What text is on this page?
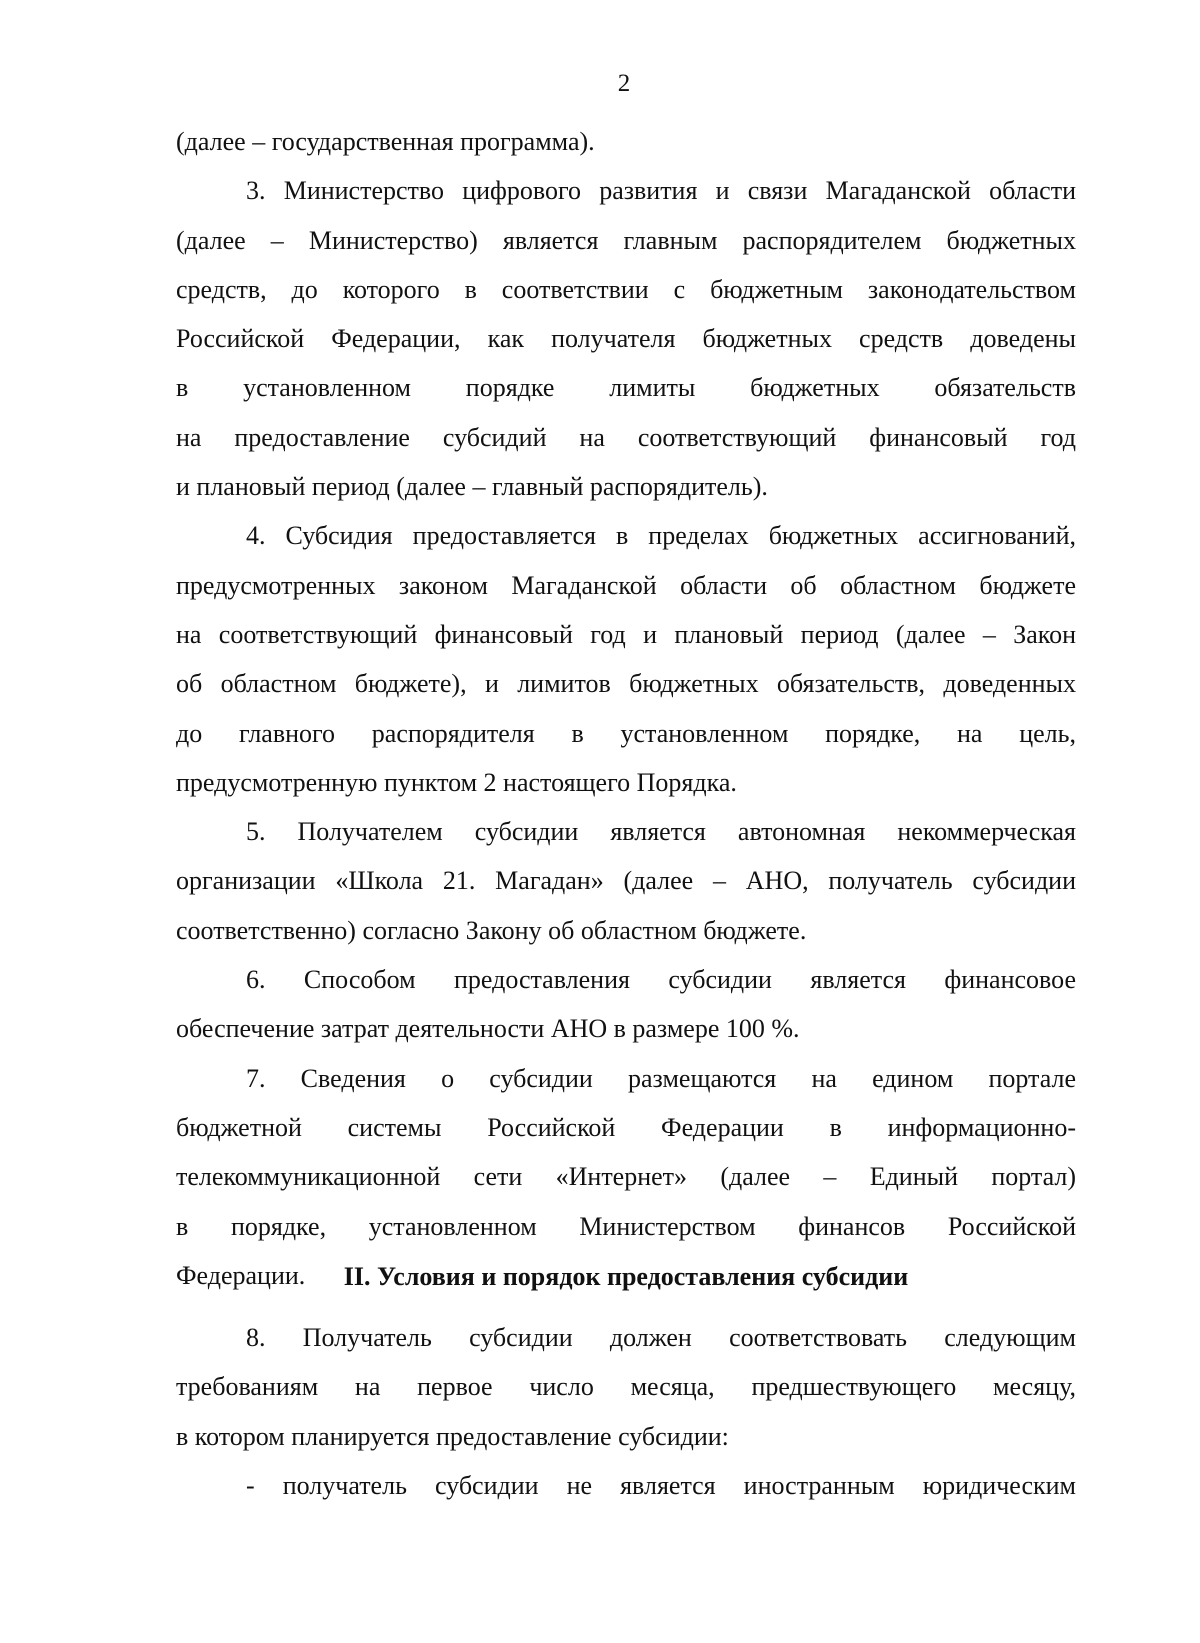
2
(далее – государственная программа).
3. Министерство цифрового развития и связи Магаданской области
(далее – Министерство) является главным распорядителем бюджетных
средств, до которого в соответствии с бюджетным законодательством
Российской Федерации, как получателя бюджетных средств доведены
в установленном порядке лимиты бюджетных обязательств
на предоставление субсидий на соответствующий финансовый год
и плановый период (далее – главный распорядитель).
4. Субсидия предоставляется в пределах бюджетных ассигнований,
предусмотренных законом Магаданской области об областном бюджете
на соответствующий финансовый год и плановый период (далее – Закон
об областном бюджете), и лимитов бюджетных обязательств, доведенных
до главного распорядителя в установленном порядке, на цель,
предусмотренную пунктом 2 настоящего Порядка.
5. Получателем субсидии является автономная некоммерческая
организации «Школа 21. Магадан» (далее – АНО, получатель субсидии
соответственно) согласно Закону об областном бюджете.
6. Способом предоставления субсидии является финансовое
обеспечение затрат деятельности АНО в размере 100 %.
7. Сведения о субсидии размещаются на едином портале
бюджетной системы Российской Федерации в информационно-
телекоммуникационной сети «Интернет» (далее – Единый портал)
в порядке, установленном Министерством финансов Российской
Федерации.	II. Условия и порядок предоставления субсидии
8. Получатель субсидии должен соответствовать следующим
требованиям на первое число месяца, предшествующего месяцу,
в котором планируется предоставление субсидии:
- получатель субсидии не является иностранным юридическим
